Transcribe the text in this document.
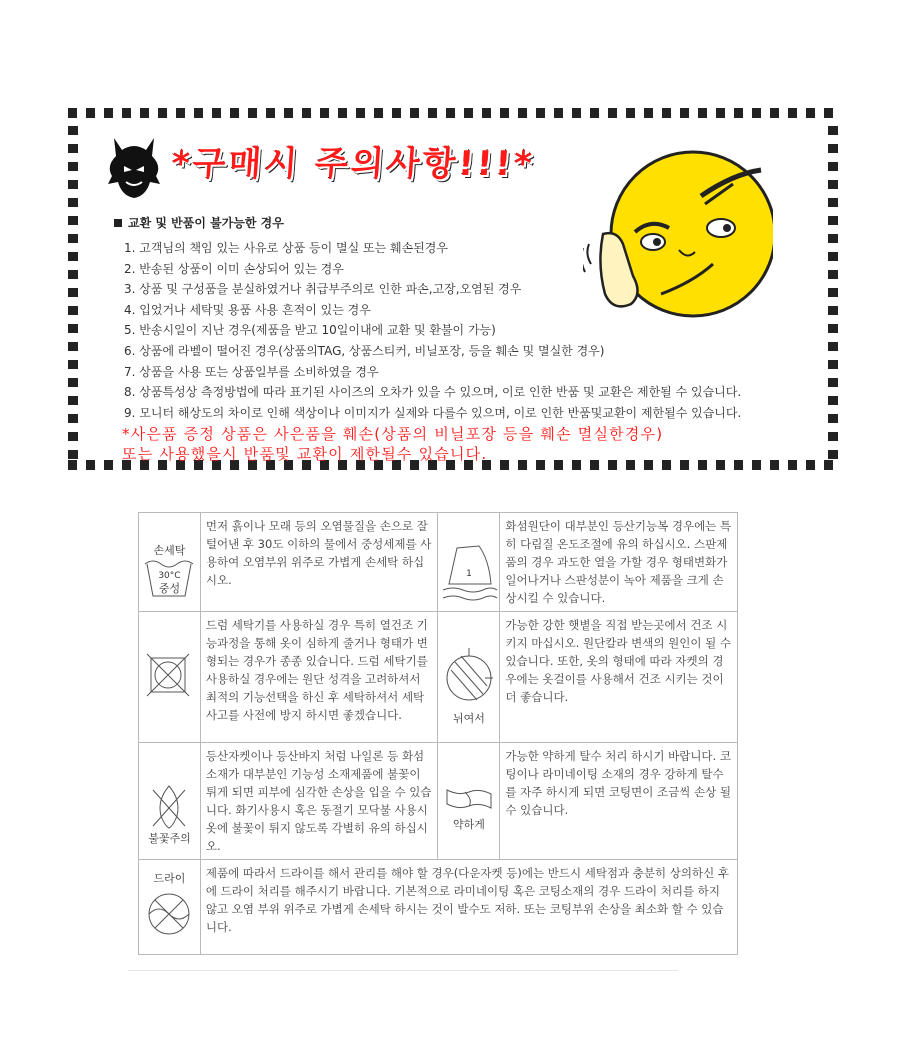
*구매시 주의사항!!!*
교환 및 반품이 불가능한 경우
1. 고객님의 책임 있는 사유로 상품 등이 멸실 또는 훼손된경우
2. 반송된 상품이 이미 손상되어 있는 경우
3. 상품 및 구성품을 분실하였거나 취급부주의로 인한 파손,고장,오염된 경우
4. 입었거나 세탁및 용품 사용 흔적이 있는 경우
5. 반송시일이 지난 경우(제품을 받고 10일이내에 교환 및 환불이 가능)
6. 상품에 라벨이 떨어진 경우(상품의TAG, 상품스티커, 비닐포장, 등을 훼손 및 멸실한 경우)
7. 상품을 사용 또는 상품일부를 소비하였을 경우
8. 상품특성상 측정방법에 따라 표기된 사이즈의 오차가 있을 수 있으며, 이로 인한 반품 및 교환은 제한될 수 있습니다.
9. 모니터 해상도의 차이로 인해 색상이나 이미지가 실제와 다를수 있으며, 이로 인한 반품및교환이 제한될수 있습니다.
*사은품 증정 상품은 사은품을 훼손(상품의 비닐포장 등을 훼손 멸실한경우)
또는 사용했을시 반품및 교환이 제한될수 있습니다.
손세탁
30°C
중성	먼저 흙이나 모래 등의 오염물질을 손으로 잘 털어낸 후 30도 이하의 물에서 중성세제를 사용하여 오염부위 위주로 가볍게 손세탁 하십시오.	1	화섬원단이 대부분인 등산기능복 경우에는 특히 다림질 온도조절에 유의 하십시오. 스판제품의 경우 과도한 열을 가할 경우 형태변화가 일어나거나 스판성분이 녹아 제품을 크게 손상시킬 수 있습니다.

	드럼 세탁기를 사용하실 경우 특히 열건조 기능과정을 통해 옷이 심하게 줄거나 형태가 변형되는 경우가 종종 있습니다. 드럼 세탁기를 사용하실 경우에는 원단 성격을 고려하셔서 최적의 기능선택을 하신 후 세탁하셔서 세탁사고를 사전에 방지 하시면 좋겠습니다.	뉘여서	가능한 강한 햇볕을 직접 받는곳에서 건조 시키지 마십시오. 원단칼라 변색의 원인이 될 수 있습니다. 또한, 옷의 형태에 따라 자켓의 경우에는 옷걸이를 사용해서 건조 시키는 것이 더 좋습니다.

불꽃주의	등산자켓이나 등산바지 처럼 나일론 등 화섬 소재가 대부분인 기능성 소재제품에 불꽃이 튀게 되면 피부에 심각한 손상을 입을 수 있습니다. 화기사용시 혹은 동절기 모닥불 사용시 옷에 불꽃이 튀지 않도록 각별히 유의 하십시오.	약하게	가능한 약하게 탈수 처리 하시기 바랍니다. 코팅이나 라미네이팅 소재의 경우 강하게 탈수를 자주 하시게 되면 코팅면이 조금씩 손상 될 수 있습니다.

드라이	제품에 따라서 드라이를 해서 관리를 해야 할 경우(다운자켓 등)에는 반드시 세탁점과 충분히 상의하신 후에 드라이 처리를 해주시기 바랍니다. 기본적으로 라미네이팅 혹은 코팅소재의 경우 드라이 처리를 하지 않고 오염 부위 위주로 가볍게 손세탁 하시는 것이 발수도 저하. 또는 코팅부위 손상을 최소화 할 수 있습니다.		
